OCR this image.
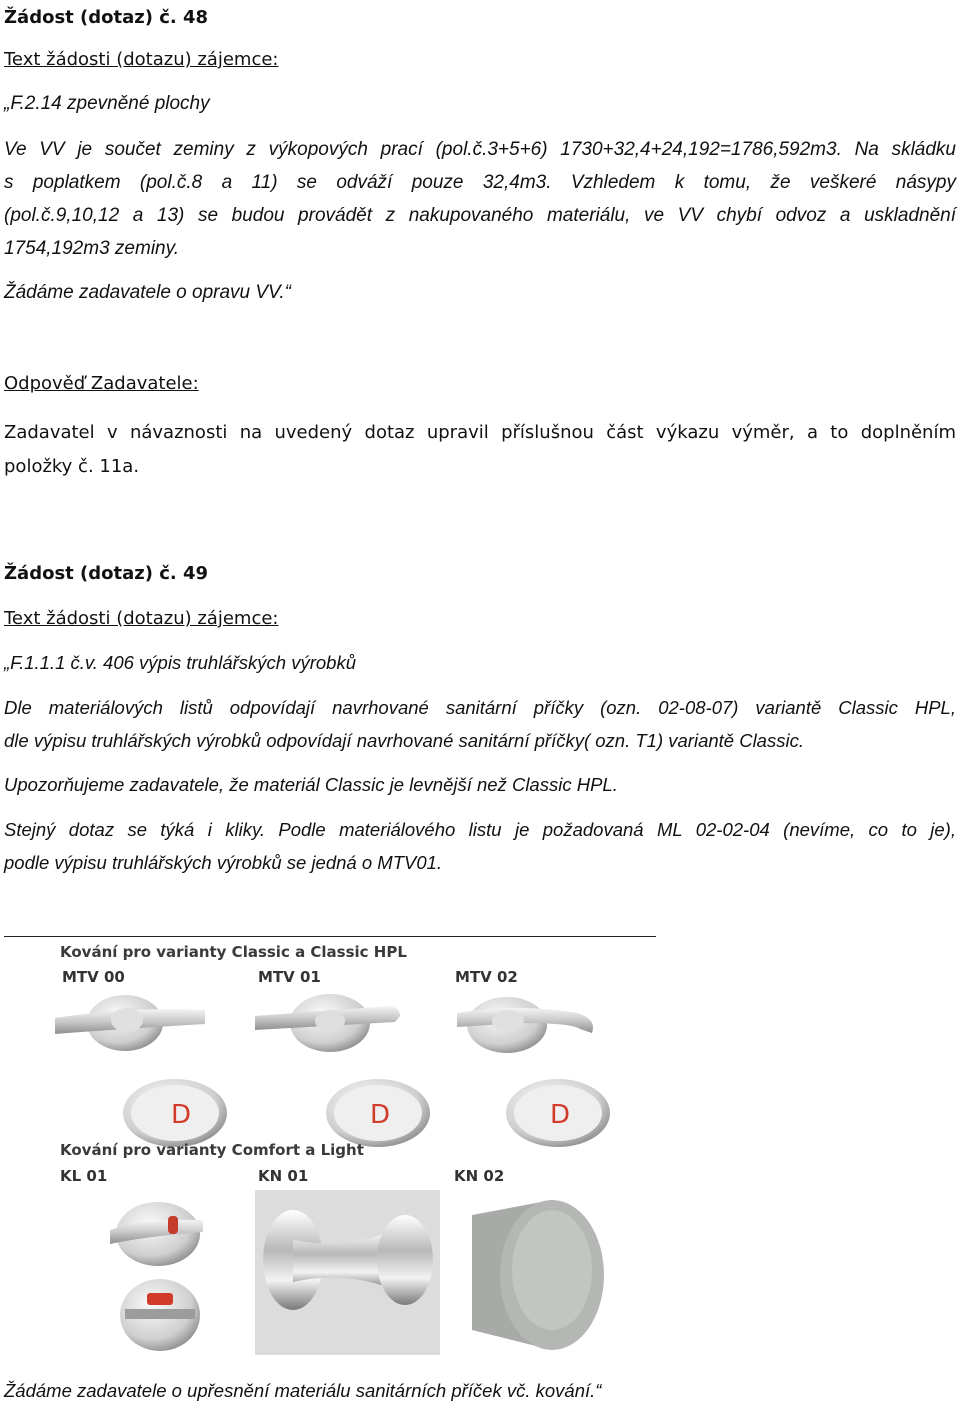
Žádost (dotaz) č. 48
Text žádosti (dotazu) zájemce:
„F.2.14 zpevněné plochy
Ve VV je součet zeminy z výkopových prací (pol.č.3+5+6) 1730+32,4+24,192=1786,592m3. Na skládku
s poplatkem (pol.č.8 a 11) se odváží pouze 32,4m3. Vzhledem k tomu, že veškeré násypy
(pol.č.9,10,12 a 13) se budou provádět z nakupovaného materiálu, ve VV chybí odvoz a uskladnění
1754,192m3 zeminy.
Žádáme zadavatele o opravu VV.“
Odpověď Zadavatele:
Zadavatel v návaznosti na uvedený dotaz upravil příslušnou část výkazu výměr, a to doplněním
položky č. 11a.
Žádost (dotaz) č. 49
Text žádosti (dotazu) zájemce:
„F.1.1.1 č.v. 406 výpis truhlářských výrobků
Dle materiálových listů odpovídají navrhované sanitární příčky (ozn. 02-08-07) variantě Classic HPL,
dle výpisu truhlářských výrobků odpovídají navrhované sanitární příčky( ozn. T1) variantě Classic.
Upozorňujeme zadavatele, že materiál Classic je levnější než Classic HPL.
Stejný dotaz se týká i kliky. Podle materiálového listu je požadovaná ML 02-02-04 (nevíme, co to je),
podle výpisu truhlářských výrobků se jedná o MTV01.
Kování pro varianty Classic a Classic HPL
MTV 00	MTV 01	MTV 02
D	D	D
Kování pro varianty Comfort a Light
KL 01	KN 01	KN 02
Žádáme zadavatele o upřesnění materiálu sanitárních příček vč. kování.“
